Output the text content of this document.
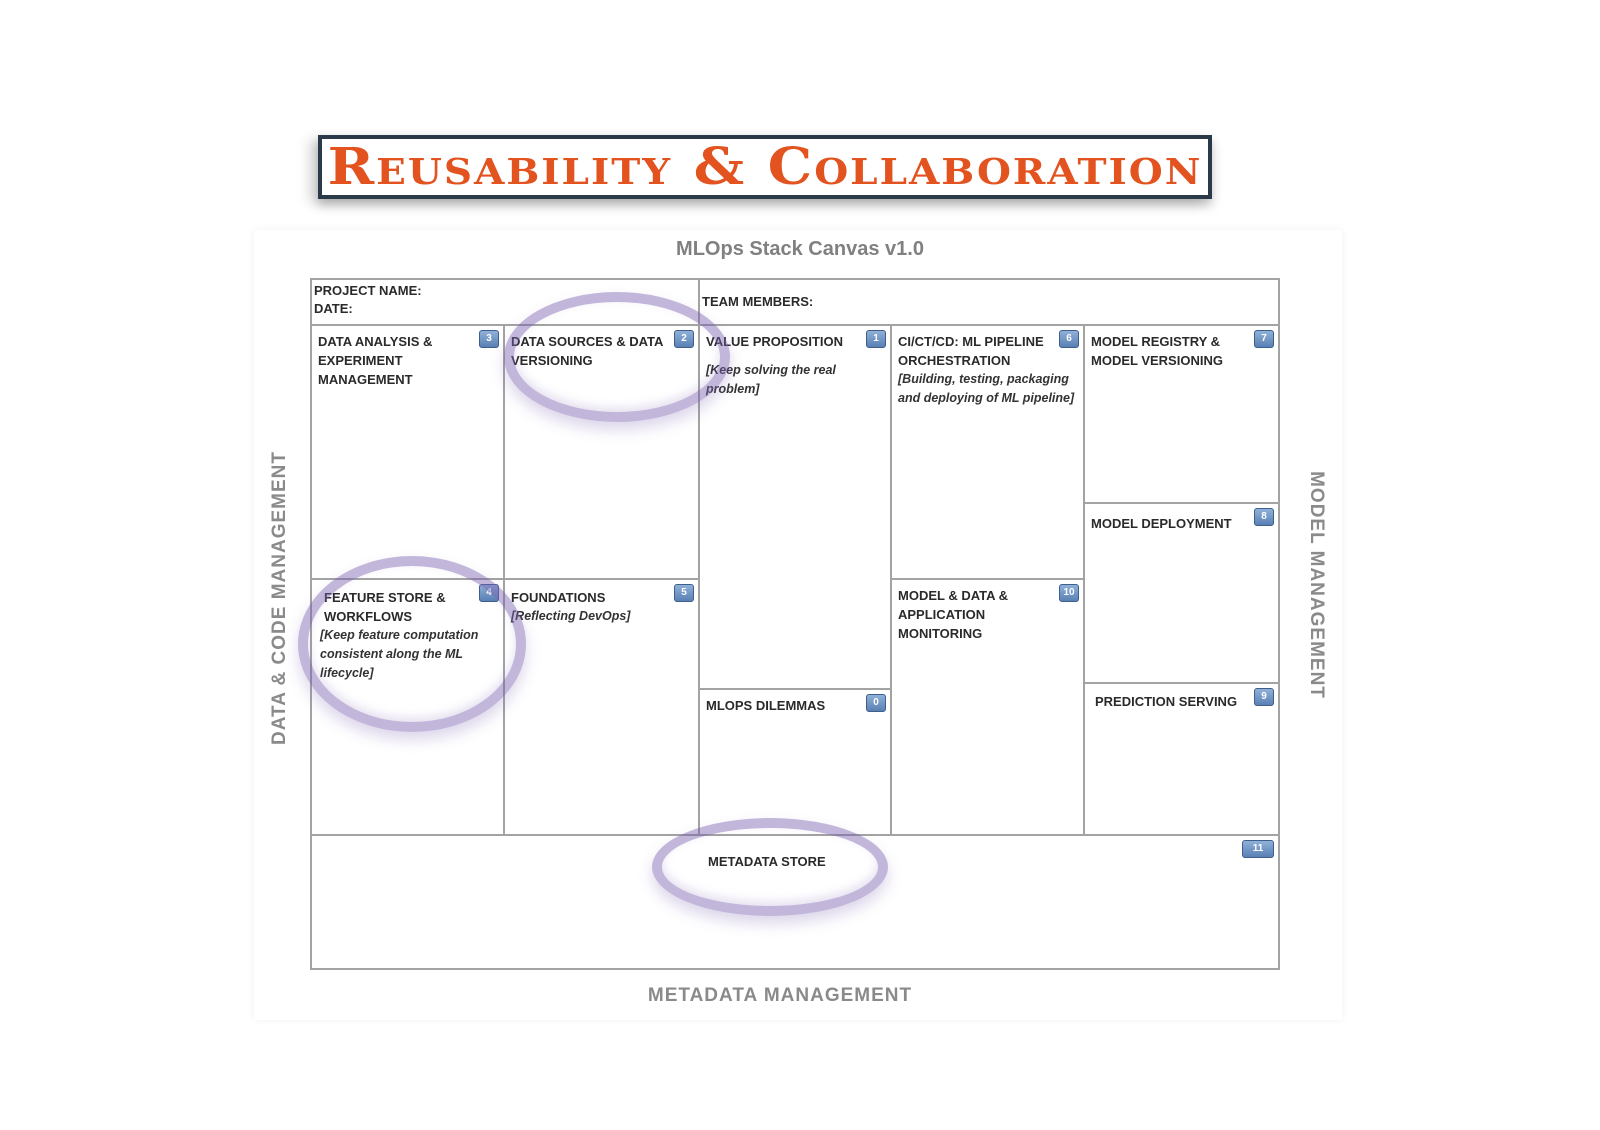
Reusability & Collaboration
MLOps Stack Canvas v1.0
DATA & CODE MANAGEMENT	MODEL MANAGEMENT
METADATA MANAGEMENT
PROJECT NAME:
DATE:	TEAM MEMBERS:
DATA ANALYSIS & EXPERIMENT MANAGEMENT
3
FEATURE STORE & WORKFLOWS
[Keep feature computation consistent along the ML lifecycle]
4
DATA SOURCES & DATA VERSIONING
2
FOUNDATIONS
[Reflecting DevOps]
5
VALUE PROPOSITION
[Keep solving the real problem]
1
MLOPS DILEMMAS	0
CI/CT/CD: ML PIPELINE ORCHESTRATION
[Building, testing, packaging and deploying of ML pipeline]
6
MODEL & DATA & APPLICATION MONITORING
10
MODEL REGISTRY & MODEL VERSIONING
7
MODEL DEPLOYMENT	8
PREDICTION SERVING	9
METADATA STORE
11
